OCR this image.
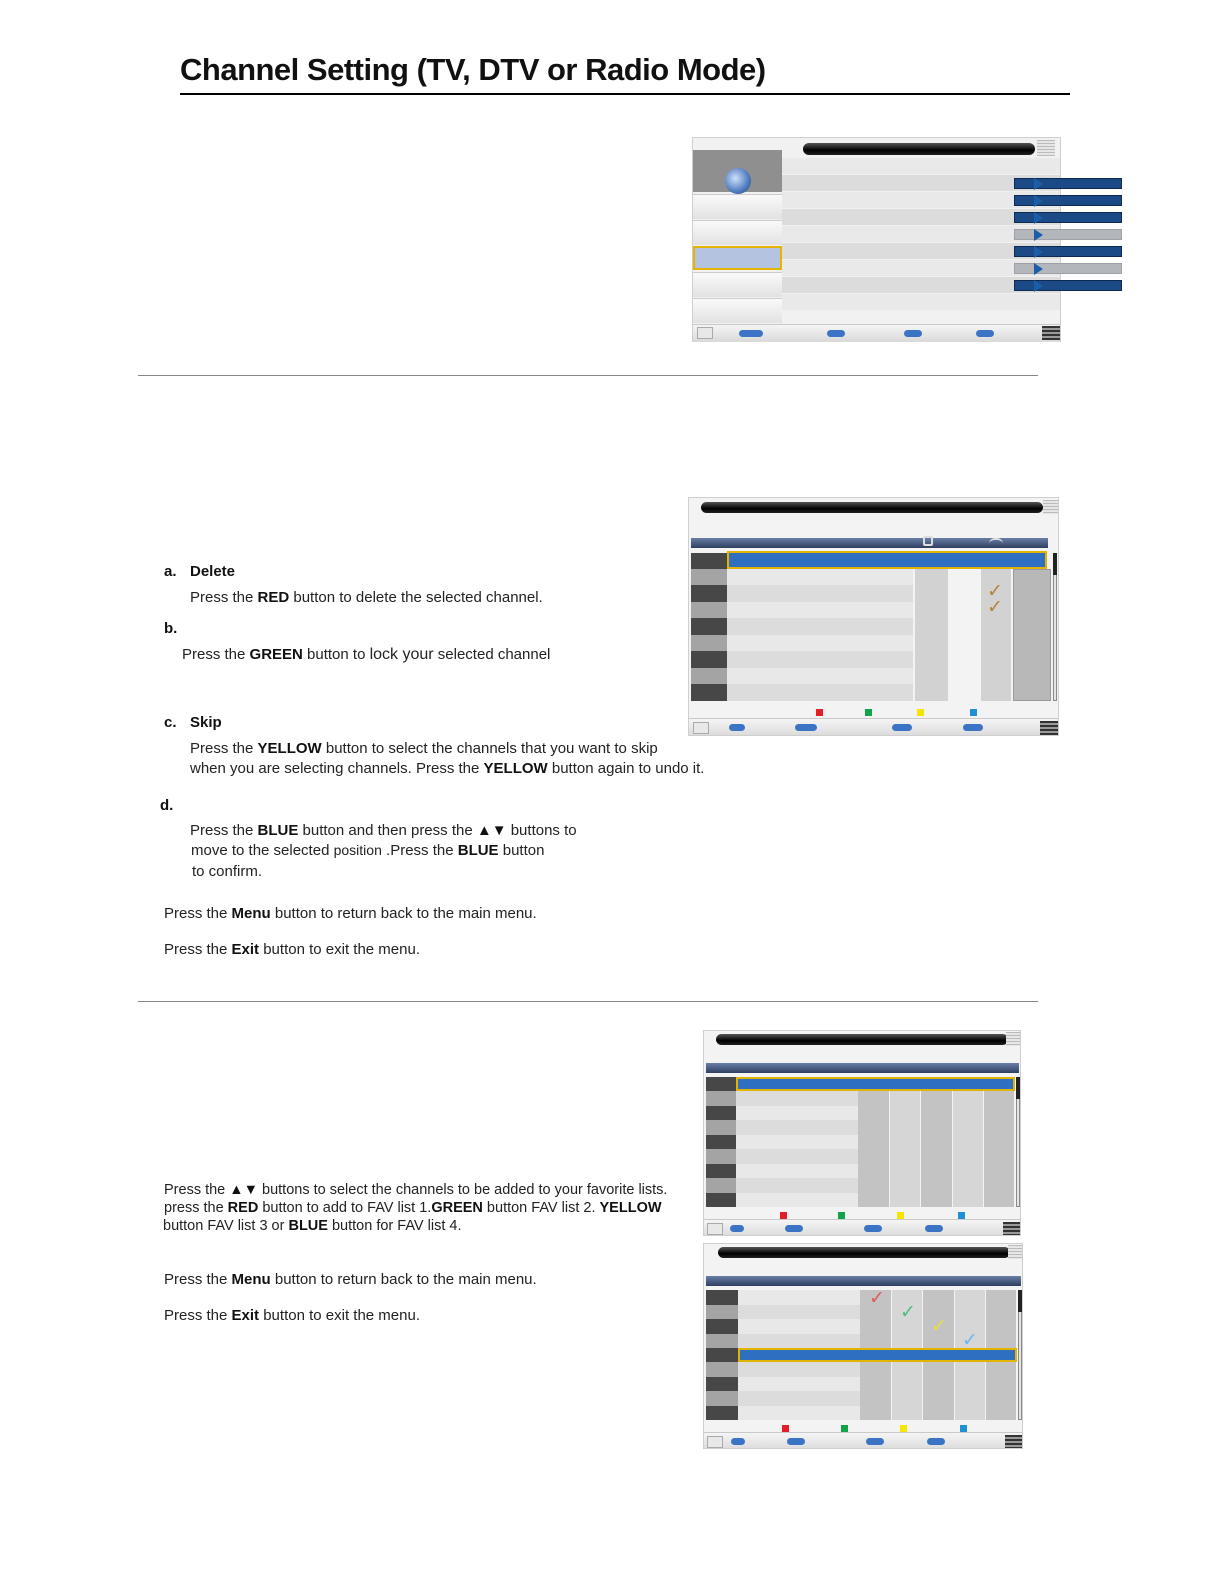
Channel Setting (TV, DTV or Radio Mode)
✓
✓
a. Delete
Press the RED button to delete the selected channel.
b.
Press the GREEN button to lock your selected channel
c. Skip
Press the YELLOW button to select the channels that you want to skip
when you are selecting channels. Press the YELLOW button again to undo it.
d.
Press the BLUE button and then press the ▲▼ buttons to
move to the selected position .Press the BLUE button
to confirm.
Press the Menu button to return back to the main menu.
Press the Exit button to exit the menu.
✓
✓
✓
✓
Press the ▲▼ buttons to select the channels to be added to your favorite lists.
press the RED button to add to FAV list 1.GREEN button FAV list 2. YELLOW
button FAV list 3 or BLUE button for FAV list 4.
Press the Menu button to return back to the main menu.
Press the Exit button to exit the menu.
